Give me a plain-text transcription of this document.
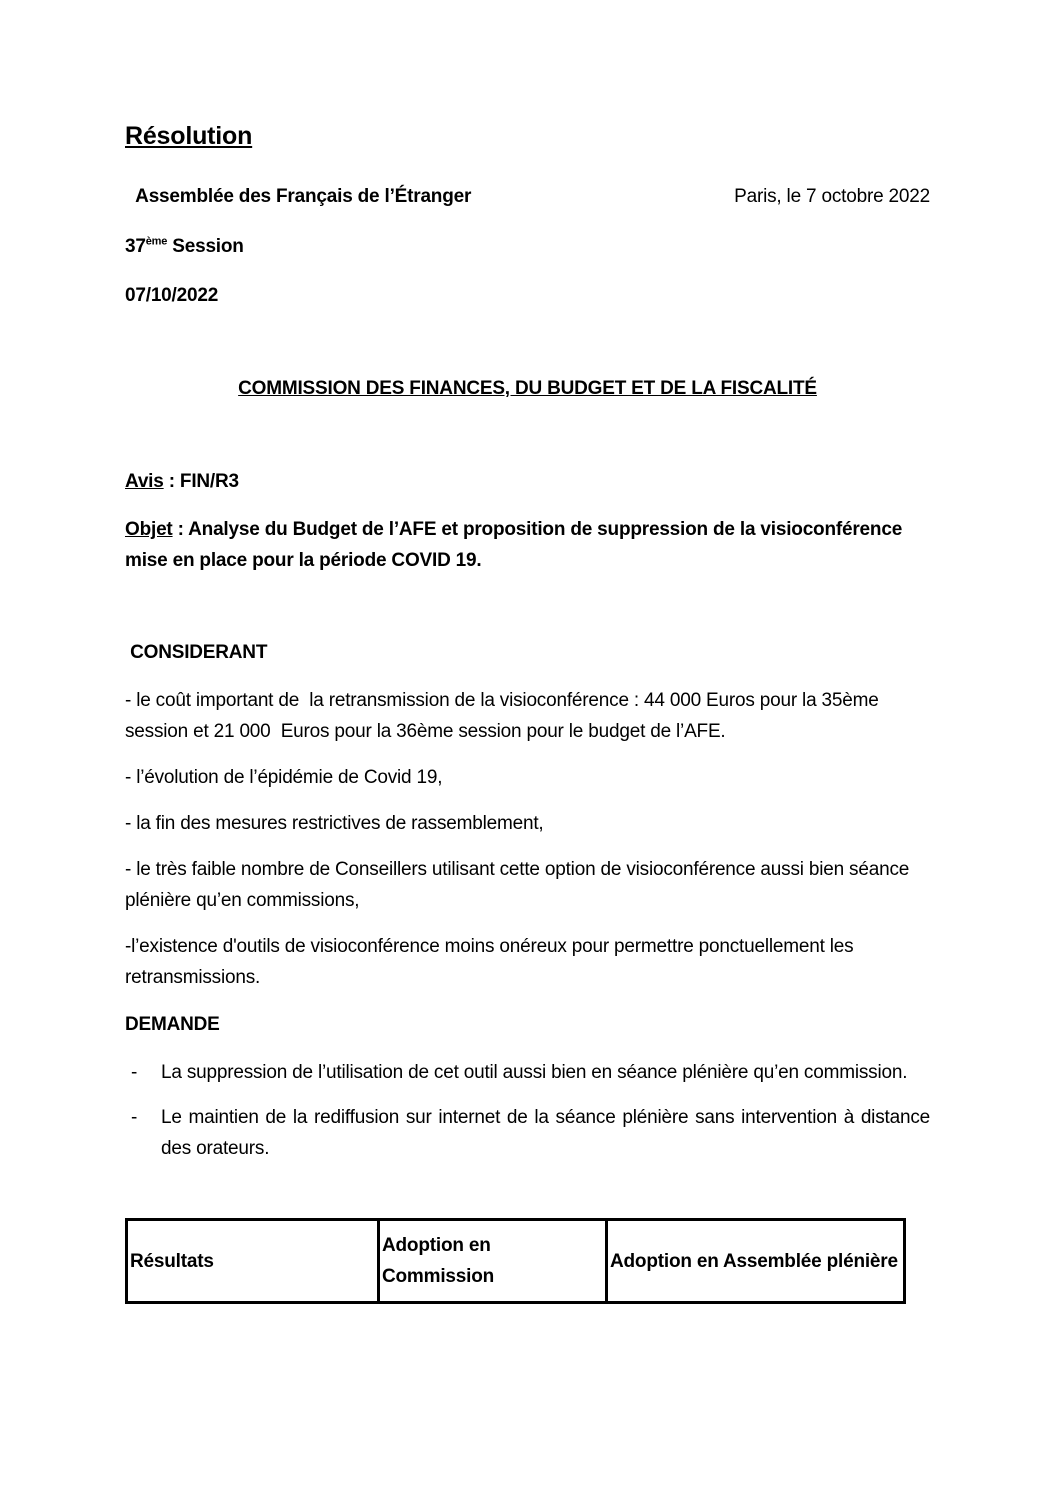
Résolution
Assemblée des Français de l’Étranger	Paris, le 7 octobre 2022

37ème Session

07/10/2022

COMMISSION DES FINANCES, DU BUDGET ET DE LA FISCALITÉ

Avis : FIN/R3

Objet : Analyse du Budget de l’AFE et proposition de suppression de la visioconférence mise en place pour la période COVID 19.

CONSIDERANT

- le coût important de  la retransmission de la visioconférence : 44 000 Euros pour la 35ème session et 21 000  Euros pour la 36ème session pour le budget de l’AFE.

- l’évolution de l’épidémie de Covid 19,

- la fin des mesures restrictives de rassemblement,

- le très faible nombre de Conseillers utilisant cette option de visioconférence aussi bien séance plénière qu’en commissions,

-l’existence d'outils de visioconférence moins onéreux pour permettre ponctuellement les retransmissions.

DEMANDE

-	La suppression de l’utilisation de cet outil aussi bien en séance plénière qu’en commission.
-	Le maintien de la rediffusion sur internet de la séance plénière sans intervention à distance des orateurs.
Résultats	Adoption en Commission	Adoption en Assemblée plénière
